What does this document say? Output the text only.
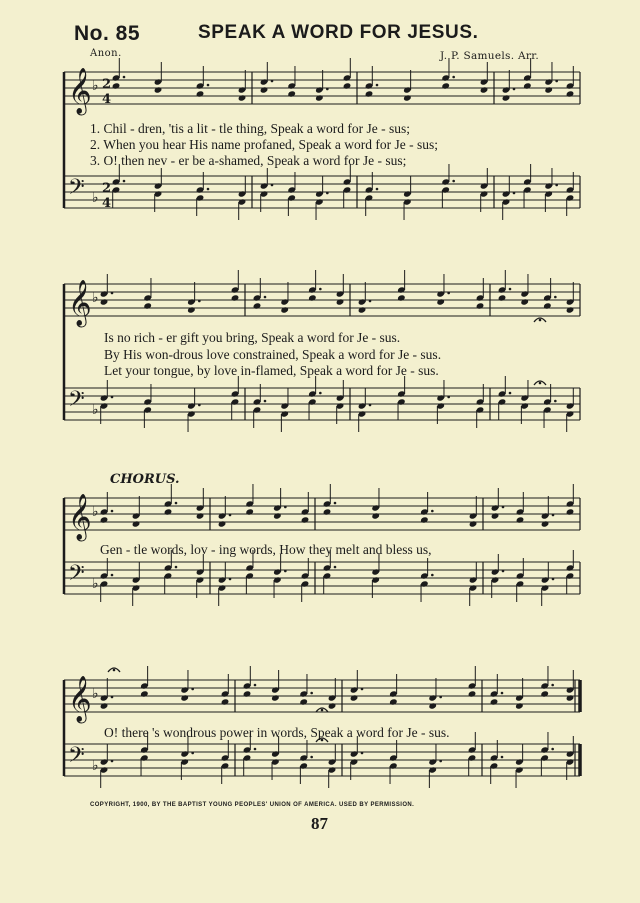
No. 85	SPEAK A WORD FOR JESUS.
Anon.	J. P. Samuels. Arr.
𝄞 ♭ 2
4
𝄢 ♭
2
4
𝄞 ♭
𝄢 ♭
𝄞 ♭
𝄢 ♭
𝄞 ♭
𝄢 ♭
1. Chil - dren, 'tis a lit - tle thing, Speak a word for Je - sus;
2. When you hear His name profaned, Speak a word for Je - sus;
3. O! then nev - er be a-shamed, Speak a word for Je - sus;
Is no rich - er gift you bring, Speak a word for Je - sus.
By His won-drous love constrained, Speak a word for Je - sus.
Let your tongue, by love in-flamed, Speak a word for Je - sus.
CHORUS.
Gen - tle words, lov - ing words, How they melt and bless us,
O! there 's wondrous power in words, Speak a word for Je - sus.
COPYRIGHT, 1900, BY THE BAPTIST YOUNG PEOPLES' UNION OF AMERICA. USED BY PERMISSION.
87
